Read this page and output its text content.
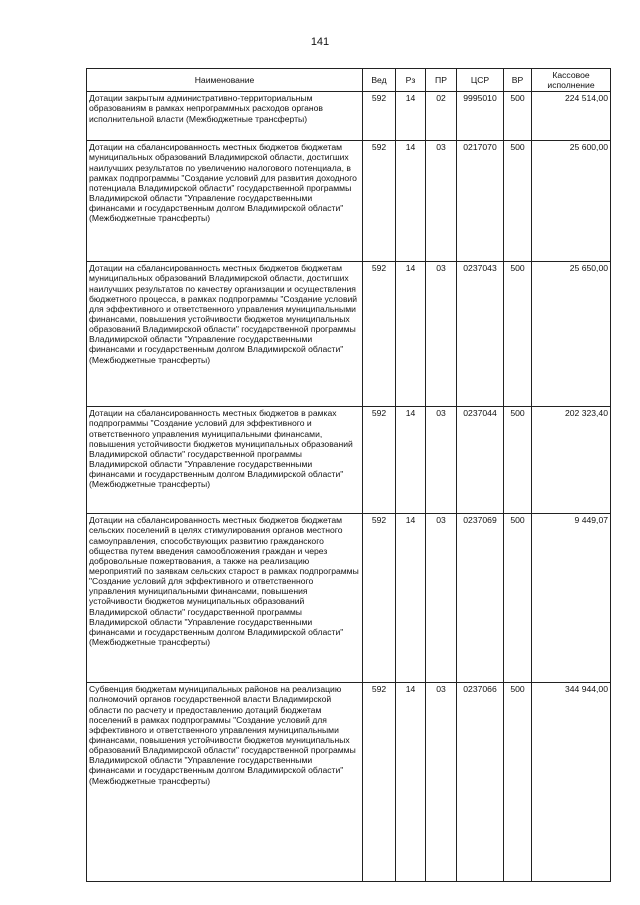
141
Наименование	Вед	Рз	ПР	ЦСР	ВР	Кассовое исполнение
Дотации закрытым административно-территориальным образованиям в рамках непрограммных расходов органов исполнительной власти (Межбюджетные трансферты)	592	14	02	9995010	500	224 514,00
Дотации на сбалансированность местных бюджетов бюджетам муниципальных образований Владимирской области, достигших наилучших результатов по увеличению налогового потенциала, в рамках подпрограммы "Создание условий для развития доходного потенциала Владимирской области" государственной программы Владимирской области "Управление государственными финансами и государственным долгом Владимирской области" (Межбюджетные трансферты)	592	14	03	0217070	500	25 600,00
Дотации на сбалансированность местных бюджетов бюджетам муниципальных образований Владимирской области, достигших наилучших результатов по качеству организации и осуществления бюджетного процесса, в рамках подпрограммы "Создание условий для эффективного и ответственного управления муниципальными финансами, повышения устойчивости бюджетов муниципальных образований Владимирской области" государственной программы Владимирской области "Управление государственными финансами и государственным долгом Владимирской области" (Межбюджетные трансферты)	592	14	03	0237043	500	25 650,00
Дотации на сбалансированность местных бюджетов в рамках подпрограммы "Создание условий для эффективного и ответственного управления муниципальными финансами, повышения устойчивости бюджетов муниципальных образований Владимирской области" государственной программы Владимирской области "Управление государственными финансами и государственным долгом Владимирской области" (Межбюджетные трансферты)	592	14	03	0237044	500	202 323,40
Дотации на сбалансированность местных бюджетов бюджетам сельских поселений в целях стимулирования органов местного самоуправления, способствующих развитию гражданского общества путем введения самообложения граждан и через добровольные пожертвования, а также на реализацию мероприятий по заявкам сельских старост в рамках подпрограммы "Создание условий для эффективного и ответственного управления муниципальными финансами, повышения устойчивости бюджетов муниципальных образований Владимирской области" государственной программы Владимирской области "Управление государственными финансами и государственным долгом Владимирской области" (Межбюджетные трансферты)	592	14	03	0237069	500	9 449,07
Субвенция бюджетам муниципальных районов на реализацию полномочий органов государственной власти Владимирской области по расчету и предоставлению дотаций бюджетам поселений в рамках подпрограммы "Создание условий для эффективного и ответственного управления муниципальными финансами, повышения устойчивости бюджетов муниципальных образований Владимирской области" государственной программы Владимирской области "Управление государственными финансами и государственным долгом Владимирской области" (Межбюджетные трансферты)	592	14	03	0237066	500	344 944,00
